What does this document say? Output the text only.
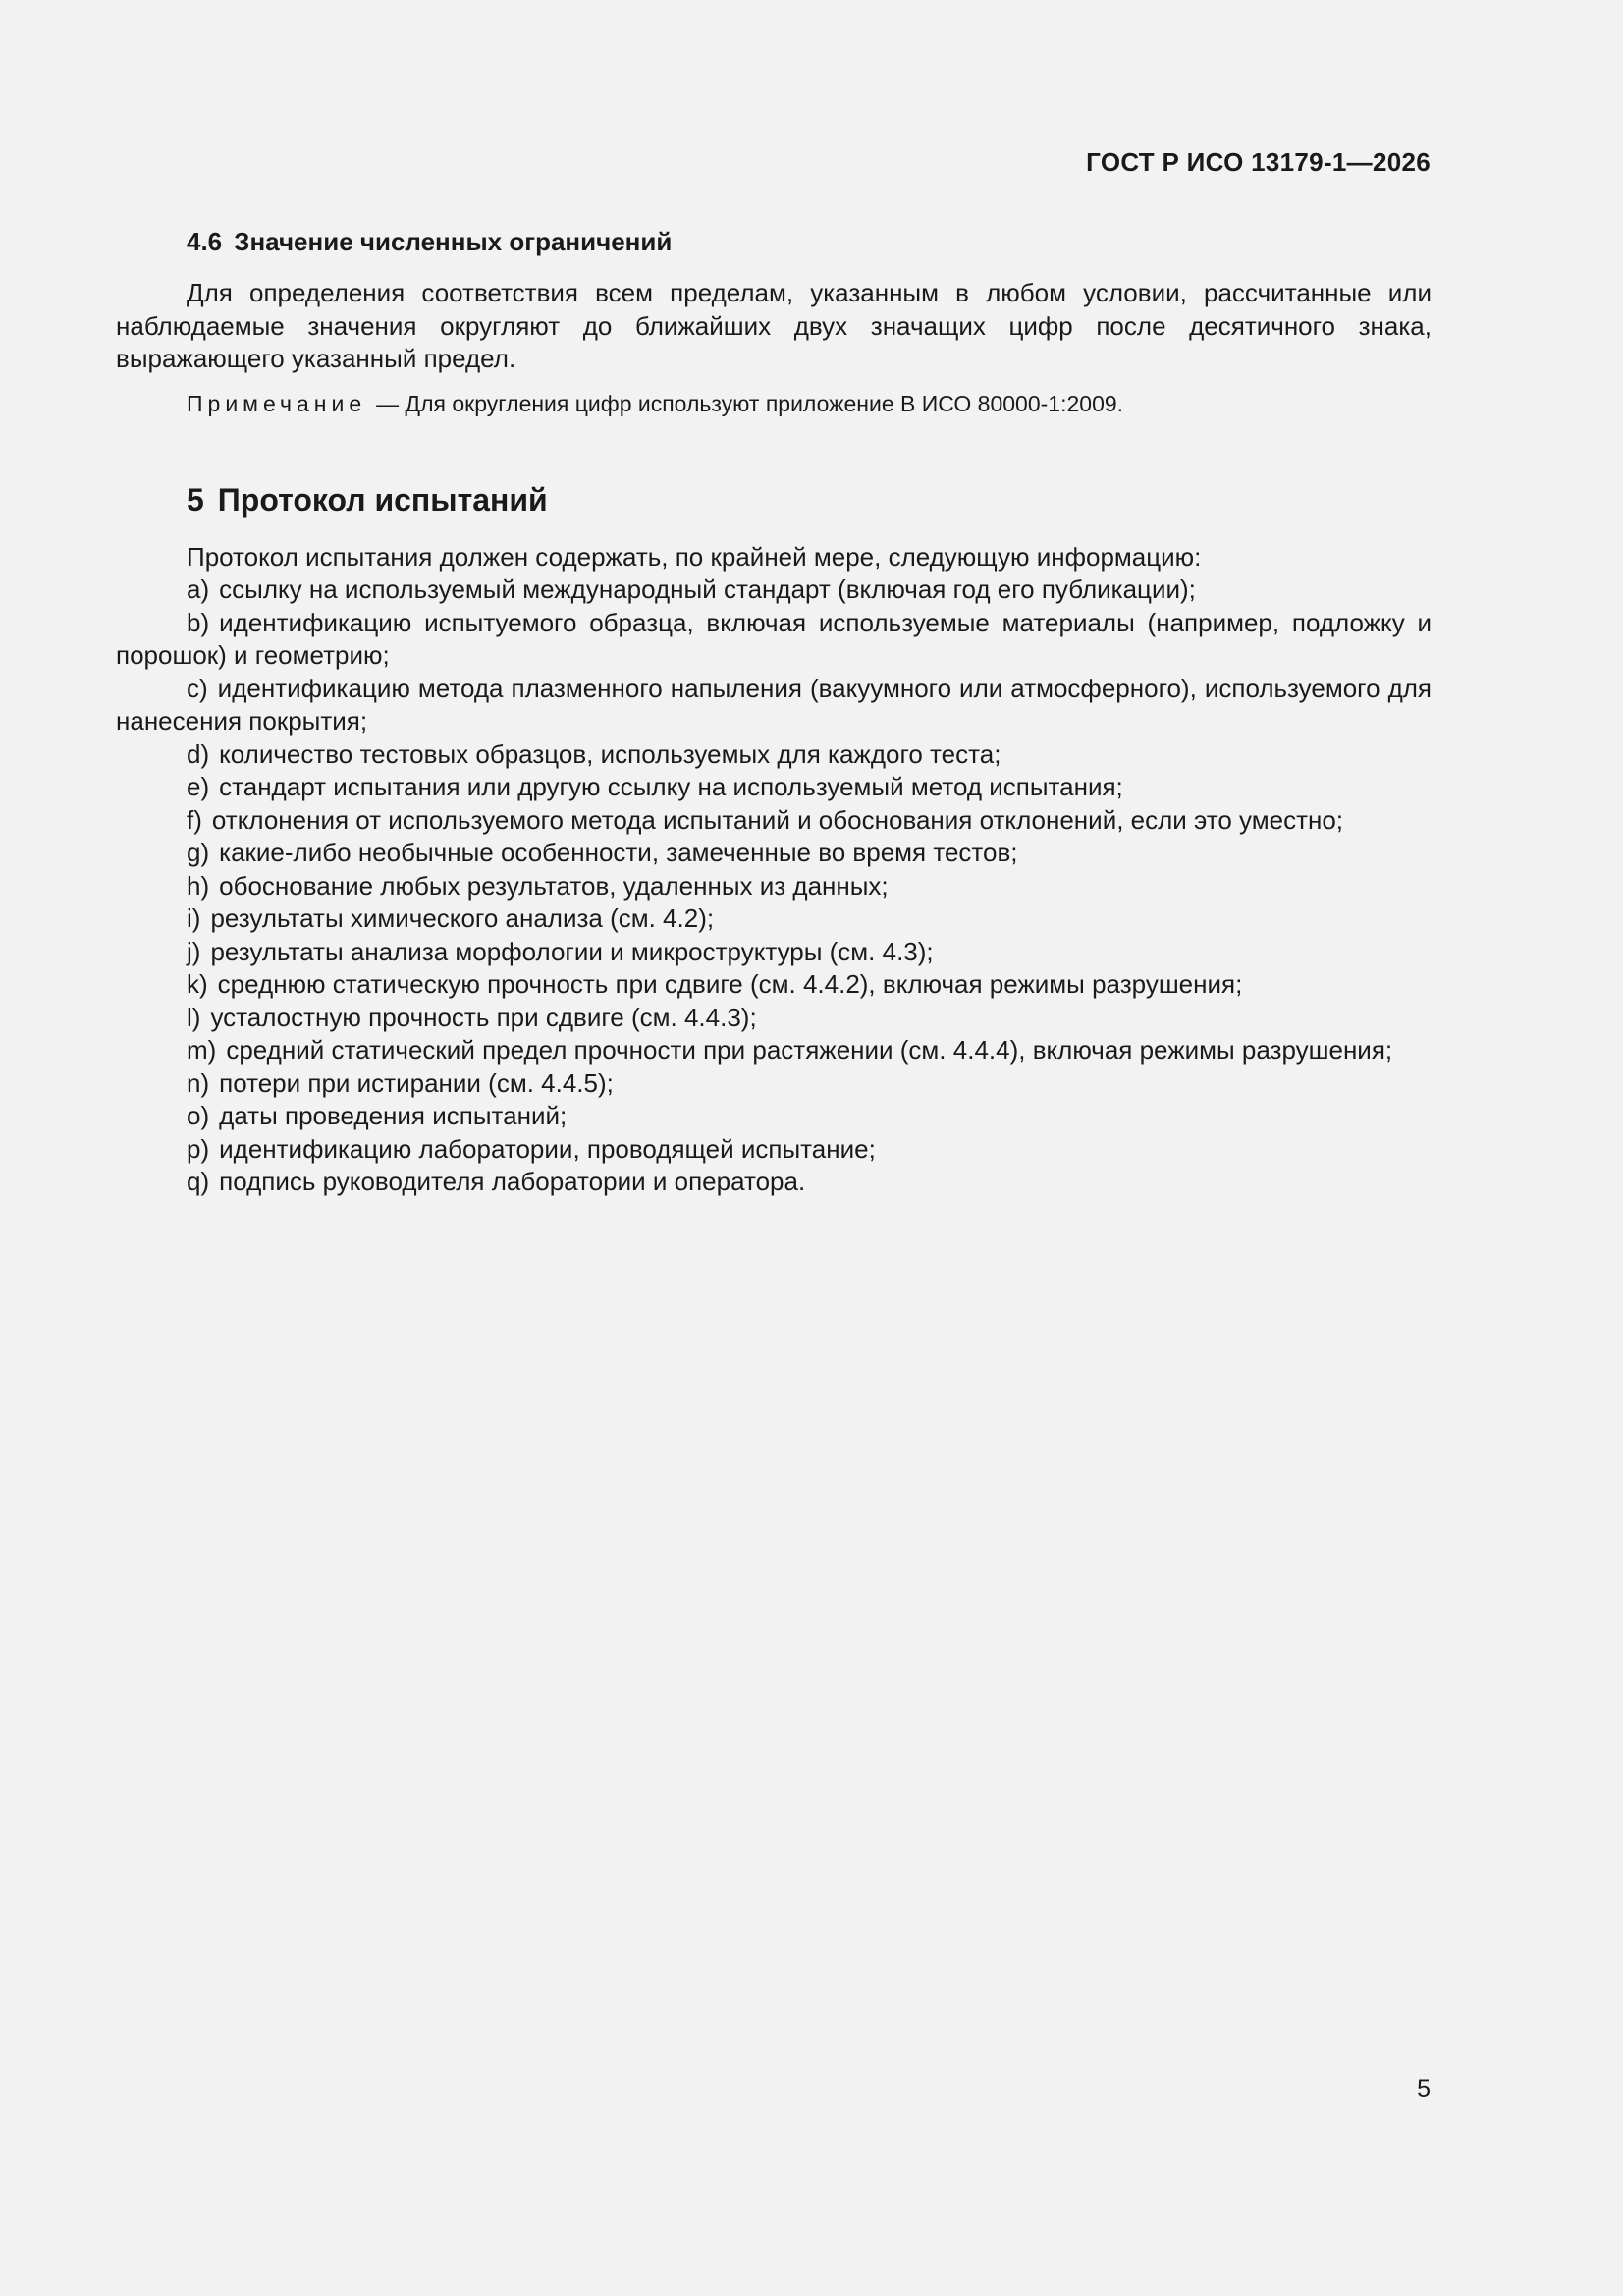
ГОСТ Р ИСО 13179-1—2026
4.6 Значение численных ограничений

Для определения соответствия всем пределам, указанным в любом условии, рассчитанные или наблюдаемые значения округляют до ближайших двух значащих цифр после десятичного знака, выражающего указанный предел.

Примечание — Для округления цифр используют приложение В ИСО 80000-1:2009.

5 Протокол испытаний

Протокол испытания должен содержать, по крайней мере, следующую информацию:

a) ссылку на используемый международный стандарт (включая год его публикации);
b) идентификацию испытуемого образца, включая используемые материалы (например, подложку и порошок) и геометрию;
c) идентификацию метода плазменного напыления (вакуумного или атмосферного), используемого для нанесения покрытия;
d) количество тестовых образцов, используемых для каждого теста;
e) стандарт испытания или другую ссылку на используемый метод испытания;
f) отклонения от используемого метода испытаний и обоснования отклонений, если это уместно;
g) какие-либо необычные особенности, замеченные во время тестов;
h) обоснование любых результатов, удаленных из данных;
i) результаты химического анализа (см. 4.2);
j) результаты анализа морфологии и микроструктуры (см. 4.3);
k) среднюю статическую прочность при сдвиге (см. 4.4.2), включая режимы разрушения;
l) усталостную прочность при сдвиге (см. 4.4.3);
m) средний статический предел прочности при растяжении (см. 4.4.4), включая режимы разрушения;
n) потери при истирании (см. 4.4.5);
o) даты проведения испытаний;
p) идентификацию лаборатории, проводящей испытание;
q) подпись руководителя лаборатории и оператора.
5
